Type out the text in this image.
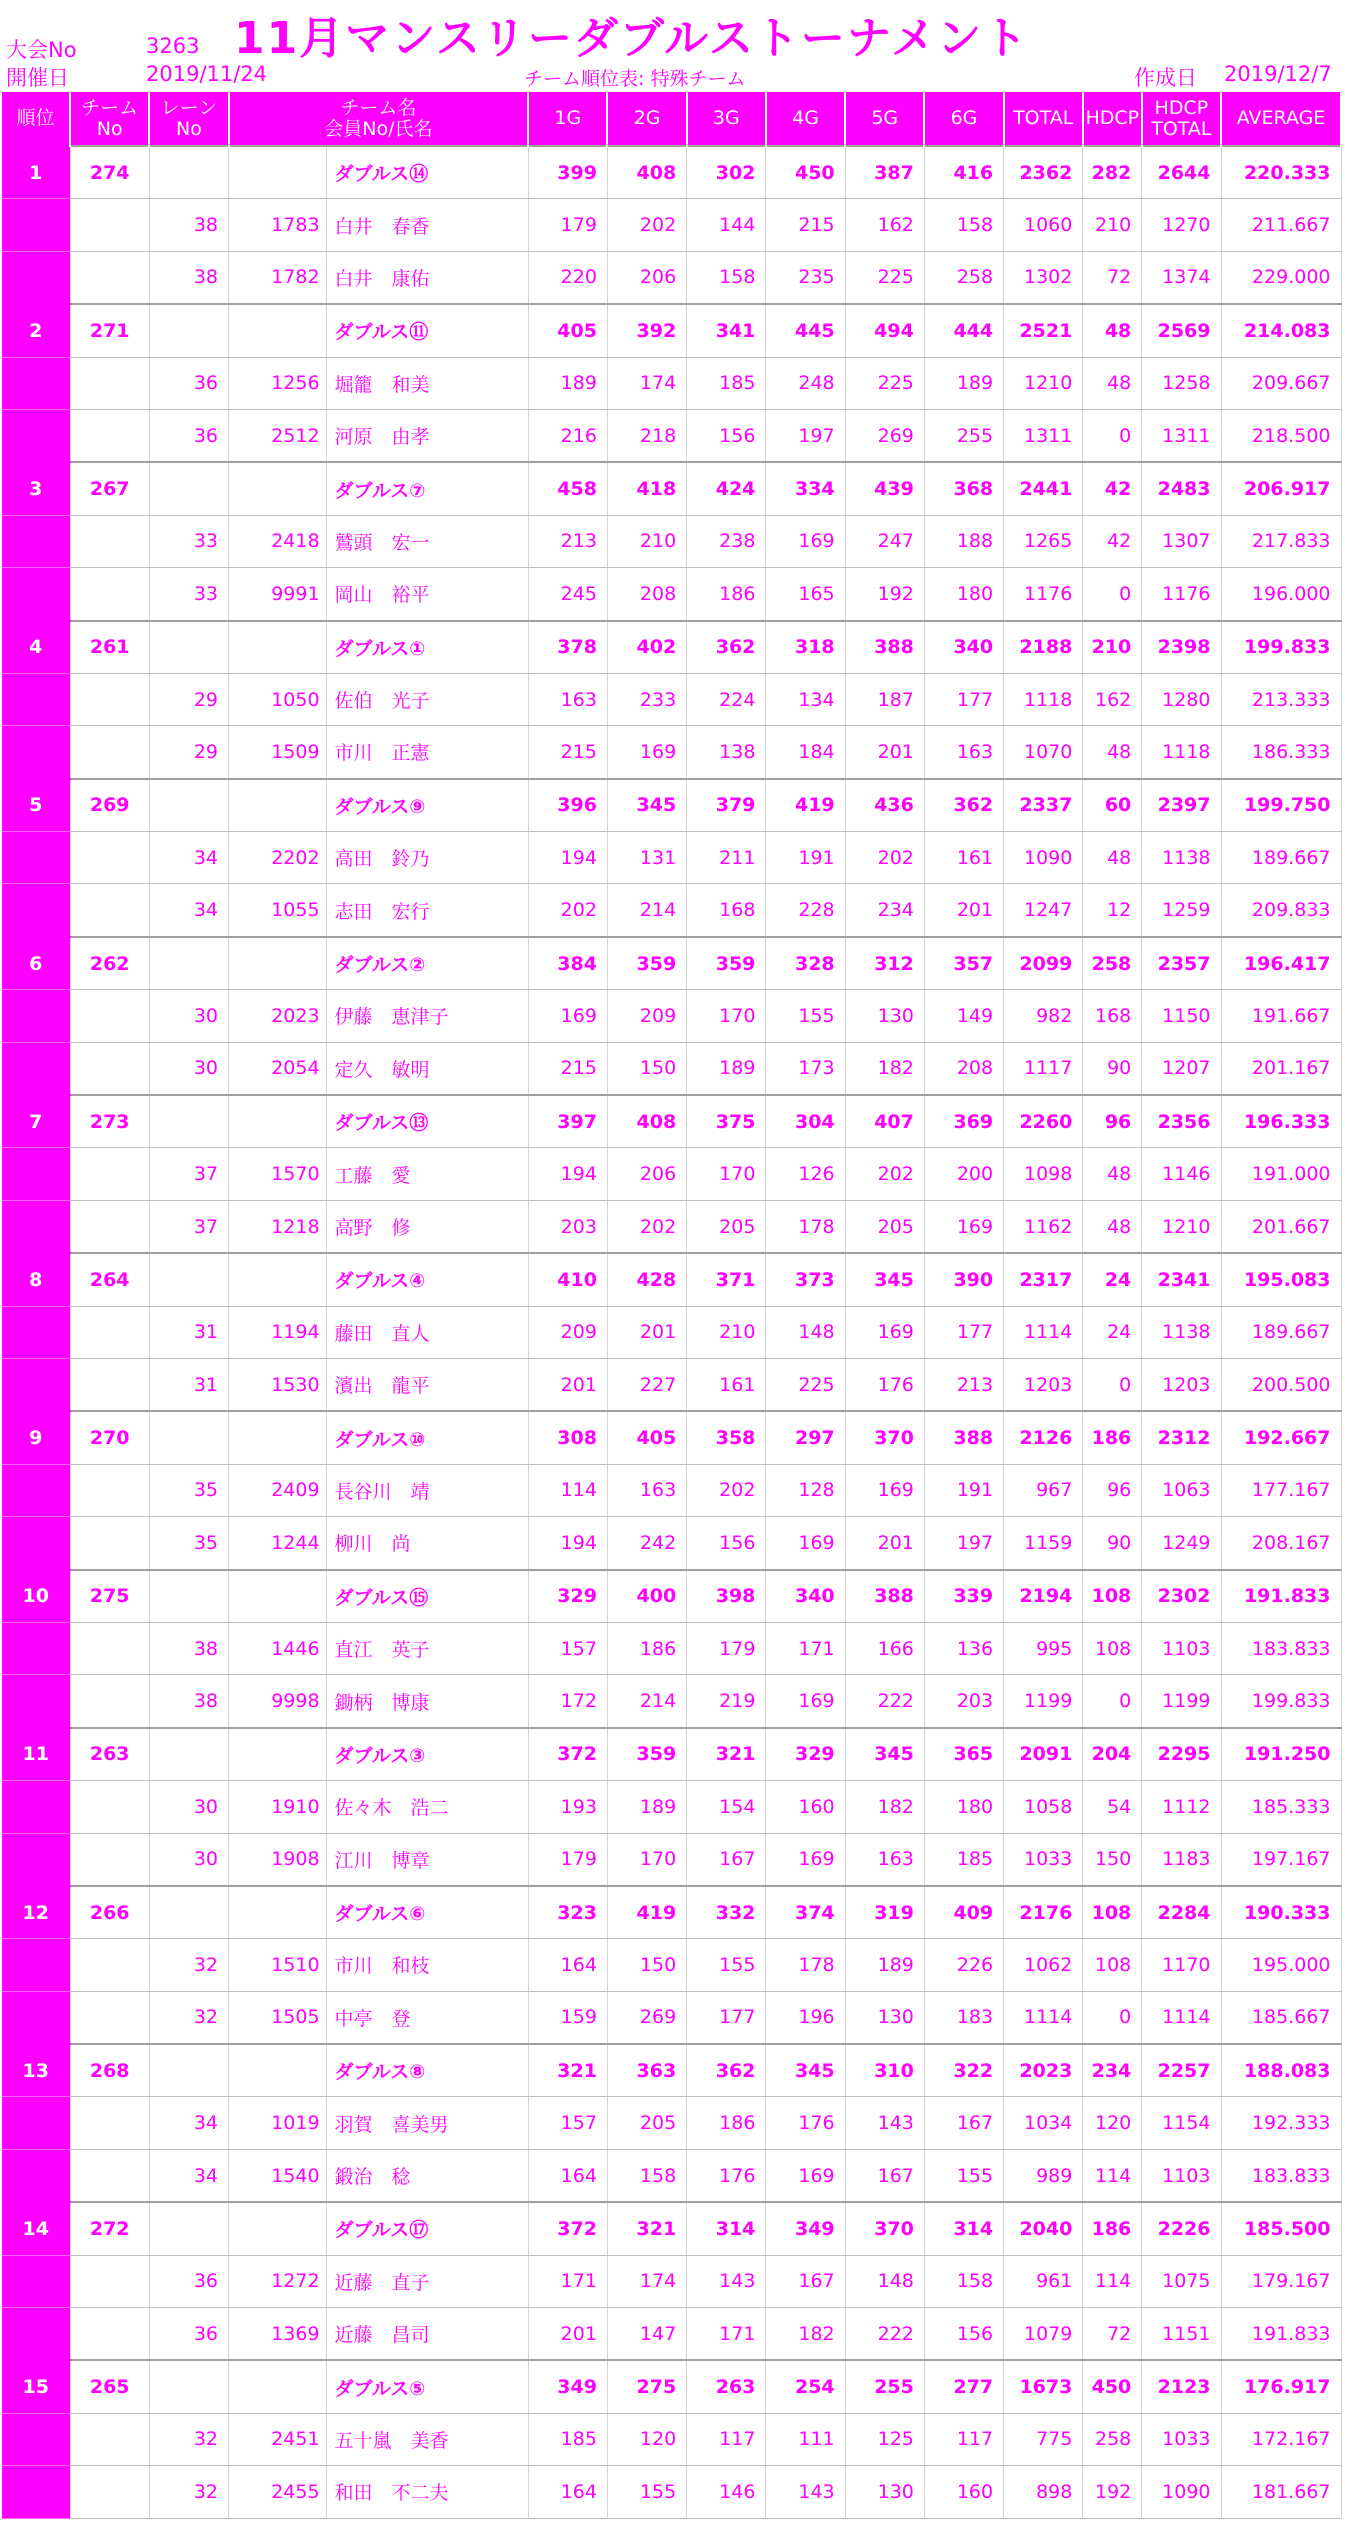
大会No	3263 11月マンスリーダブルストーナメント
開催日	2019/11/24	チーム順位表: 特殊チーム	作成日 2019/12/7
順位	チーム
No	レーン
No	チーム名
会員No/氏名		1G	2G	3G	4G	5G	6G	TOTAL	HDCP	HDCP
TOTAL	AVERAGE
1	274			ダブルス⑭	399	408	302	450	387	416	2362	282	2644	220.333
		38	1783	白井　春香	179	202	144	215	162	158	1060	210	1270	211.667
		38	1782	白井　康佑	220	206	158	235	225	258	1302	72	1374	229.000
2	271			ダブルス⑪	405	392	341	445	494	444	2521	48	2569	214.083
		36	1256	堀籠　和美	189	174	185	248	225	189	1210	48	1258	209.667
		36	2512	河原　由孝	216	218	156	197	269	255	1311	0	1311	218.500
3	267			ダブルス⑦	458	418	424	334	439	368	2441	42	2483	206.917
		33	2418	鷲頭　宏一	213	210	238	169	247	188	1265	42	1307	217.833
		33	9991	岡山　裕平	245	208	186	165	192	180	1176	0	1176	196.000
4	261			ダブルス①	378	402	362	318	388	340	2188	210	2398	199.833
		29	1050	佐伯　光子	163	233	224	134	187	177	1118	162	1280	213.333
		29	1509	市川　正憲	215	169	138	184	201	163	1070	48	1118	186.333
5	269			ダブルス⑨	396	345	379	419	436	362	2337	60	2397	199.750
		34	2202	高田　鈴乃	194	131	211	191	202	161	1090	48	1138	189.667
		34	1055	志田　宏行	202	214	168	228	234	201	1247	12	1259	209.833
6	262			ダブルス②	384	359	359	328	312	357	2099	258	2357	196.417
		30	2023	伊藤　恵津子	169	209	170	155	130	149	982	168	1150	191.667
		30	2054	定久　敏明	215	150	189	173	182	208	1117	90	1207	201.167
7	273			ダブルス⑬	397	408	375	304	407	369	2260	96	2356	196.333
		37	1570	工藤　愛	194	206	170	126	202	200	1098	48	1146	191.000
		37	1218	高野　修	203	202	205	178	205	169	1162	48	1210	201.667
8	264			ダブルス④	410	428	371	373	345	390	2317	24	2341	195.083
		31	1194	藤田　直人	209	201	210	148	169	177	1114	24	1138	189.667
		31	1530	濱出　龍平	201	227	161	225	176	213	1203	0	1203	200.500
9	270			ダブルス⑩	308	405	358	297	370	388	2126	186	2312	192.667
		35	2409	長谷川　靖	114	163	202	128	169	191	967	96	1063	177.167
		35	1244	柳川　尚	194	242	156	169	201	197	1159	90	1249	208.167
10	275			ダブルス⑮	329	400	398	340	388	339	2194	108	2302	191.833
		38	1446	直江　英子	157	186	179	171	166	136	995	108	1103	183.833
		38	9998	鋤柄　博康	172	214	219	169	222	203	1199	0	1199	199.833
11	263			ダブルス③	372	359	321	329	345	365	2091	204	2295	191.250
		30	1910	佐々木　浩二	193	189	154	160	182	180	1058	54	1112	185.333
		30	1908	江川　博章	179	170	167	169	163	185	1033	150	1183	197.167
12	266			ダブルス⑥	323	419	332	374	319	409	2176	108	2284	190.333
		32	1510	市川　和枝	164	150	155	178	189	226	1062	108	1170	195.000
		32	1505	中亭　登	159	269	177	196	130	183	1114	0	1114	185.667
13	268			ダブルス⑧	321	363	362	345	310	322	2023	234	2257	188.083
		34	1019	羽賀　喜美男	157	205	186	176	143	167	1034	120	1154	192.333
		34	1540	鍛治　稔	164	158	176	169	167	155	989	114	1103	183.833
14	272			ダブルス⑰	372	321	314	349	370	314	2040	186	2226	185.500
		36	1272	近藤　直子	171	174	143	167	148	158	961	114	1075	179.167
		36	1369	近藤　昌司	201	147	171	182	222	156	1079	72	1151	191.833
15	265			ダブルス⑤	349	275	263	254	255	277	1673	450	2123	176.917
		32	2451	五十嵐　美香	185	120	117	111	125	117	775	258	1033	172.167
		32	2455	和田　不二夫	164	155	146	143	130	160	898	192	1090	181.667
